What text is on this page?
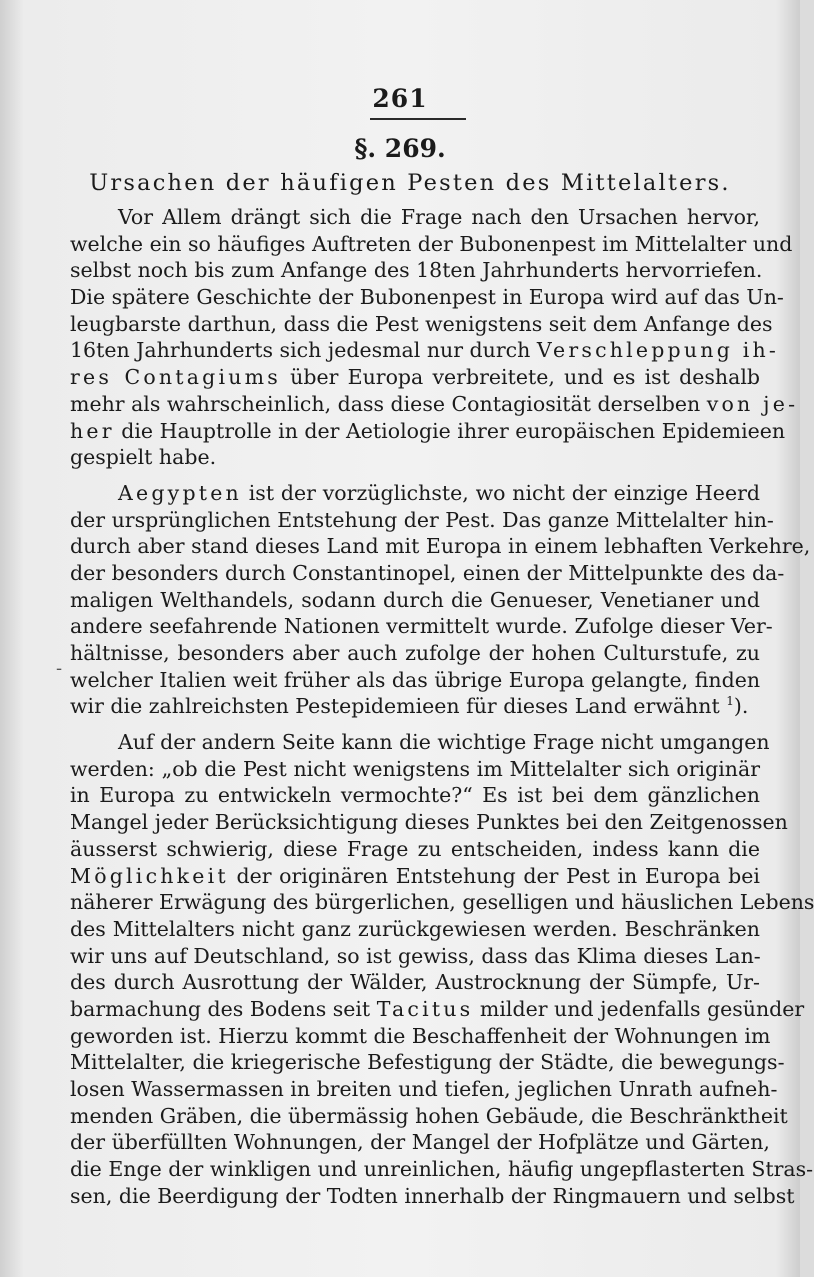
261
§. 269.
Ursachen der häufigen Pesten des Mittelalters.
-
Vor Allem drängt sich die Frage nach den Ursachen hervor,
welche ein so häufiges Auftreten der Bubonenpest im Mittelalter und
selbst noch bis zum Anfange des 18ten Jahrhunderts hervorriefen.
Die spätere Geschichte der Bubonenpest in Europa wird auf das Un-
leugbarste darthun, dass die Pest wenigstens seit dem Anfange des
16ten Jahrhunderts sich jedesmal nur durch Verschleppung ih-
res Contagiums über Europa verbreitete, und es ist deshalb
mehr als wahrscheinlich, dass diese Contagiosität derselben von je-
her die Hauptrolle in der Aetiologie ihrer europäischen Epidemieen
gespielt habe.
Aegypten ist der vorzüglichste, wo nicht der einzige Heerd
der ursprünglichen Entstehung der Pest. Das ganze Mittelalter hin-
durch aber stand dieses Land mit Europa in einem lebhaften Verkehre,
der besonders durch Constantinopel, einen der Mittelpunkte des da-
maligen Welthandels, sodann durch die Genueser, Venetianer und
andere seefahrende Nationen vermittelt wurde. Zufolge dieser Ver-
hältnisse, besonders aber auch zufolge der hohen Culturstufe, zu
welcher Italien weit früher als das übrige Europa gelangte, finden
wir die zahlreichsten Pestepidemieen für dieses Land erwähnt $^1$).
Auf der andern Seite kann die wichtige Frage nicht umgangen
werden: „ob die Pest nicht wenigstens im Mittelalter sich originär
in Europa zu entwickeln vermochte?“ Es ist bei dem gänzlichen
Mangel jeder Berücksichtigung dieses Punktes bei den Zeitgenossen
äusserst schwierig, diese Frage zu entscheiden, indess kann die
Möglichkeit der originären Entstehung der Pest in Europa bei
näherer Erwägung des bürgerlichen, geselligen und häuslichen Lebens
des Mittelalters nicht ganz zurückgewiesen werden. Beschränken
wir uns auf Deutschland, so ist gewiss, dass das Klima dieses Lan-
des durch Ausrottung der Wälder, Austrocknung der Sümpfe, Ur-
barmachung des Bodens seit Tacitus milder und jedenfalls gesünder
geworden ist. Hierzu kommt die Beschaffenheit der Wohnungen im
Mittelalter, die kriegerische Befestigung der Städte, die bewegungs-
losen Wassermassen in breiten und tiefen, jeglichen Unrath aufneh-
menden Gräben, die übermässig hohen Gebäude, die Beschränktheit
der überfüllten Wohnungen, der Mangel der Hofplätze und Gärten,
die Enge der winkligen und unreinlichen, häufig ungepflasterten Stras-
sen, die Beerdigung der Todten innerhalb der Ringmauern und selbst
